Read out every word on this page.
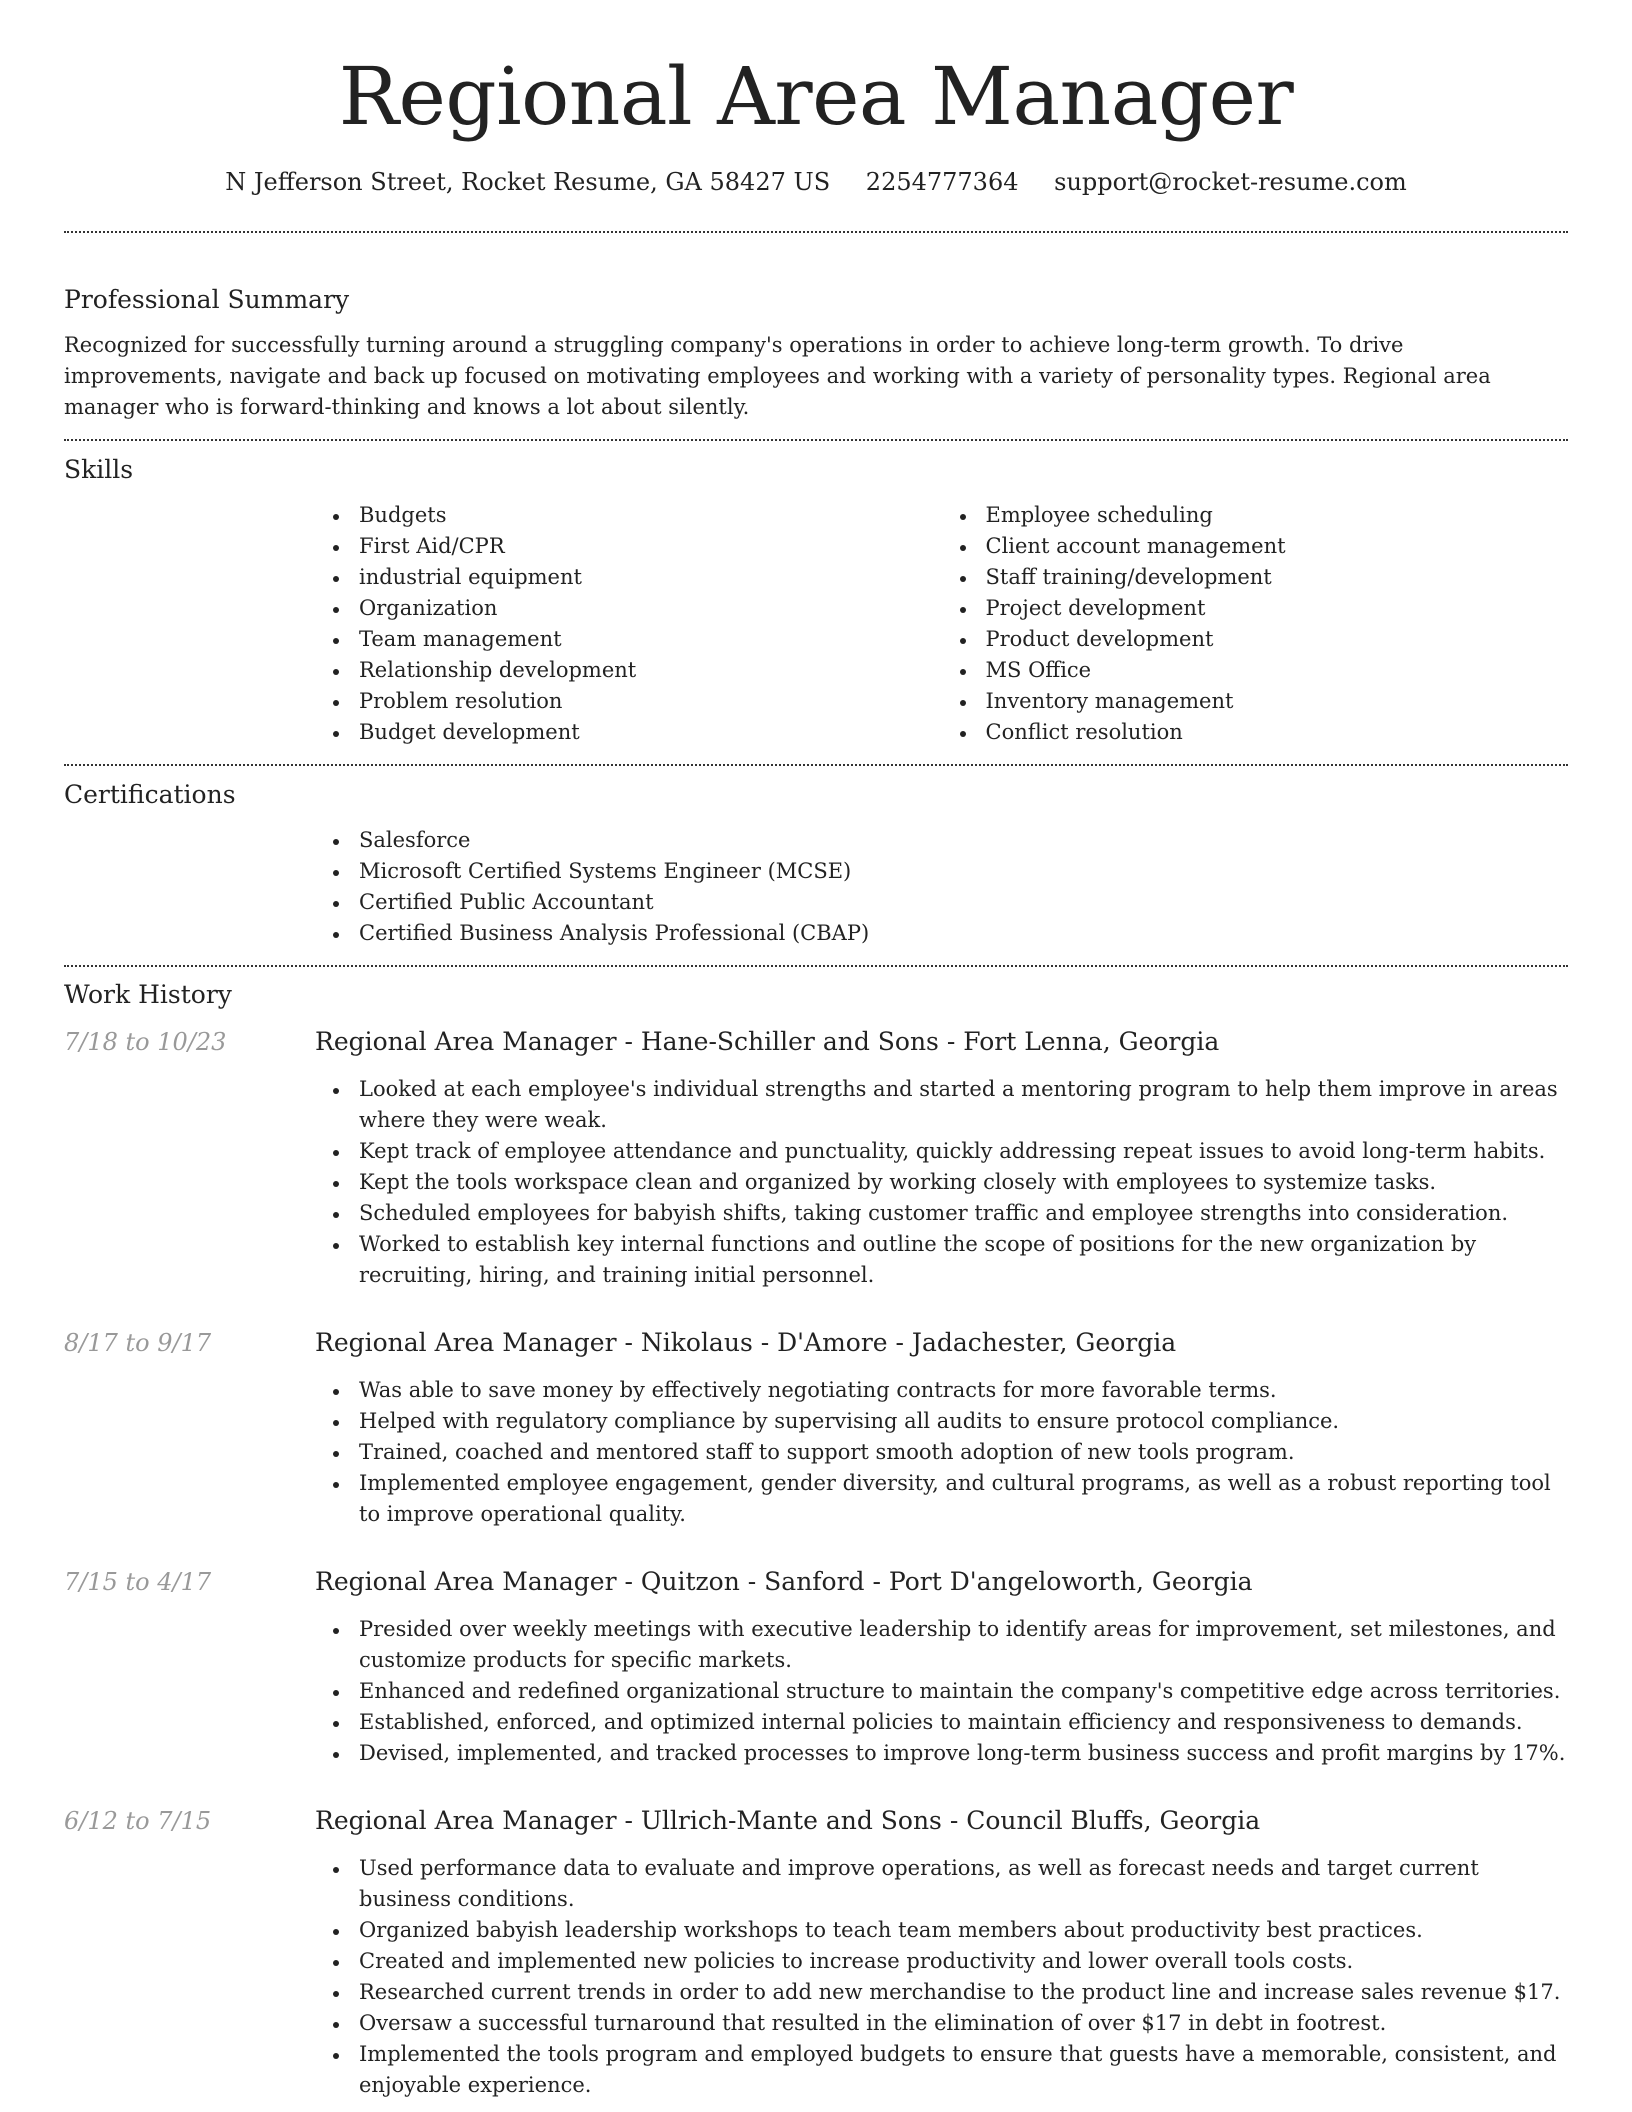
Regional Area Manager
N Jefferson Street, Rocket Resume, GA 58427 US 2254777364 support@rocket-resume.com
Professional Summary

Recognized for successfully turning around a struggling company's operations in order to achieve long-term growth. To drive improvements, navigate and back up focused on motivating employees and working with a variety of personality types. Regional area manager who is forward-thinking and knows a lot about silently.

Skills
Budgets
First Aid/CPR
industrial equipment
Organization
Team management
Relationship development
Problem resolution
Budget development
Employee scheduling
Client account management
Staff training/development
Project development
Product development
MS Office
Inventory management
Conflict resolution
Certifications
Salesforce
Microsoft Certified Systems Engineer (MCSE)
Certified Public Accountant
Certified Business Analysis Professional (CBAP)
Work History
7/18 to 10/23	Regional Area Manager - Hane-Schiller and Sons - Fort Lenna, Georgia
Looked at each employee's individual strengths and started a mentoring program to help them improve in areas where they were weak.
Kept track of employee attendance and punctuality, quickly addressing repeat issues to avoid long-term habits.
Kept the tools workspace clean and organized by working closely with employees to systemize tasks.
Scheduled employees for babyish shifts, taking customer traffic and employee strengths into consideration.
Worked to establish key internal functions and outline the scope of positions for the new organization by recruiting, hiring, and training initial personnel.
8/17 to 9/17	Regional Area Manager - Nikolaus - D'Amore - Jadachester, Georgia
Was able to save money by effectively negotiating contracts for more favorable terms.
Helped with regulatory compliance by supervising all audits to ensure protocol compliance.
Trained, coached and mentored staff to support smooth adoption of new tools program.
Implemented employee engagement, gender diversity, and cultural programs, as well as a robust reporting tool to improve operational quality.
7/15 to 4/17	Regional Area Manager - Quitzon - Sanford - Port D'angeloworth, Georgia
Presided over weekly meetings with executive leadership to identify areas for improvement, set milestones, and customize products for specific markets.
Enhanced and redefined organizational structure to maintain the company's competitive edge across territories.
Established, enforced, and optimized internal policies to maintain efficiency and responsiveness to demands.
Devised, implemented, and tracked processes to improve long-term business success and profit margins by 17%.
6/12 to 7/15	Regional Area Manager - Ullrich-Mante and Sons - Council Bluffs, Georgia
Used performance data to evaluate and improve operations, as well as forecast needs and target current business conditions.
Organized babyish leadership workshops to teach team members about productivity best practices.
Created and implemented new policies to increase productivity and lower overall tools costs.
Researched current trends in order to add new merchandise to the product line and increase sales revenue $17.
Oversaw a successful turnaround that resulted in the elimination of over $17 in debt in footrest.
Implemented the tools program and employed budgets to ensure that guests have a memorable, consistent, and enjoyable experience.
